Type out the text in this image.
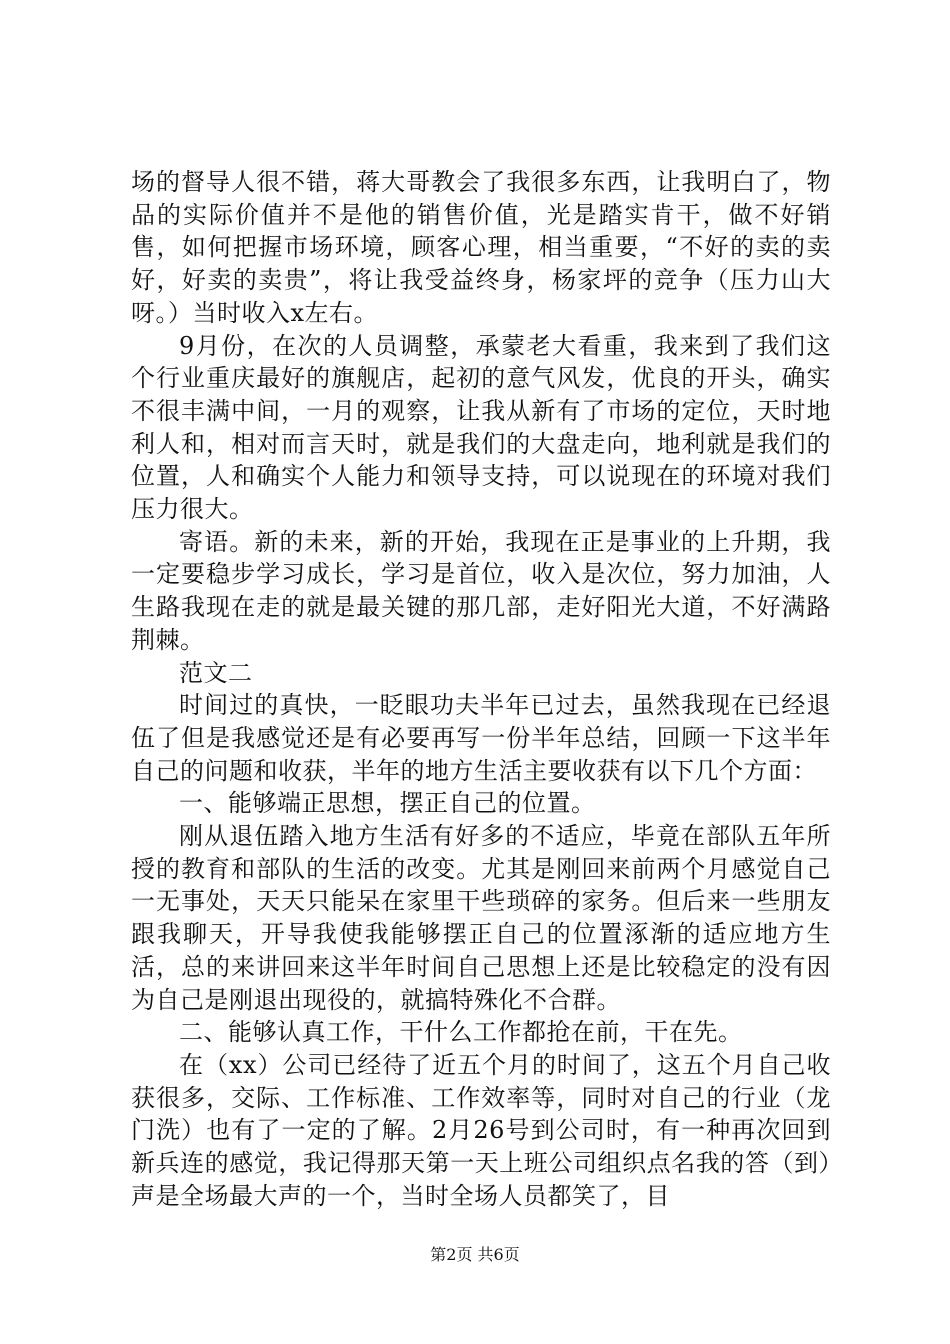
场的督导人很不错，蒋大哥教会了我很多东西，让我明白了，物品的实际价值并不是他的销售价值，光是踏实肯干，做不好销售，如何把握市场环境，顾客心理，相当重要，“不好的卖的卖好，好卖的卖贵”，将让我受益终身，杨家坪的竞争（压力山大呀。）当时收入x左右。

9月份，在次的人员调整，承蒙老大看重，我来到了我们这个行业重庆最好的旗舰店，起初的意气风发，优良的开头，确实不很丰满中间，一月的观察，让我从新有了市场的定位，天时地利人和，相对而言天时，就是我们的大盘走向，地利就是我们的位置，人和确实个人能力和领导支持，可以说现在的环境对我们压力很大。

寄语。新的未来，新的开始，我现在正是事业的上升期，我一定要稳步学习成长，学习是首位，收入是次位，努力加油，人生路我现在走的就是最关键的那几部，走好阳光大道，不好满路荆棘。

范文二

时间过的真快，一眨眼功夫半年已过去，虽然我现在已经退伍了但是我感觉还是有必要再写一份半年总结，回顾一下这半年自己的问题和收获，半年的地方生活主要收获有以下几个方面：

一、能够端正思想，摆正自己的位置。

刚从退伍踏入地方生活有好多的不适应，毕竟在部队五年所授的教育和部队的生活的改变。尤其是刚回来前两个月感觉自己一无事处，天天只能呆在家里干些琐碎的家务。但后来一些朋友跟我聊天，开导我使我能够摆正自己的位置涿渐的适应地方生活，总的来讲回来这半年时间自己思想上还是比较稳定的没有因为自己是刚退出现役的，就搞特殊化不合群。

二、能够认真工作，干什么工作都抢在前，干在先。

在（xx）公司已经待了近五个月的时间了，这五个月自己收获很多，交际、工作标准、工作效率等，同时对自己的行业（龙门洗）也有了一定的了解。2月26号到公司时，有一种再次回到新兵连的感觉，我记得那天第一天上班公司组织点名我的答（到）声是全场最大声的一个，当时全场人员都笑了，目

第2页 共6页
